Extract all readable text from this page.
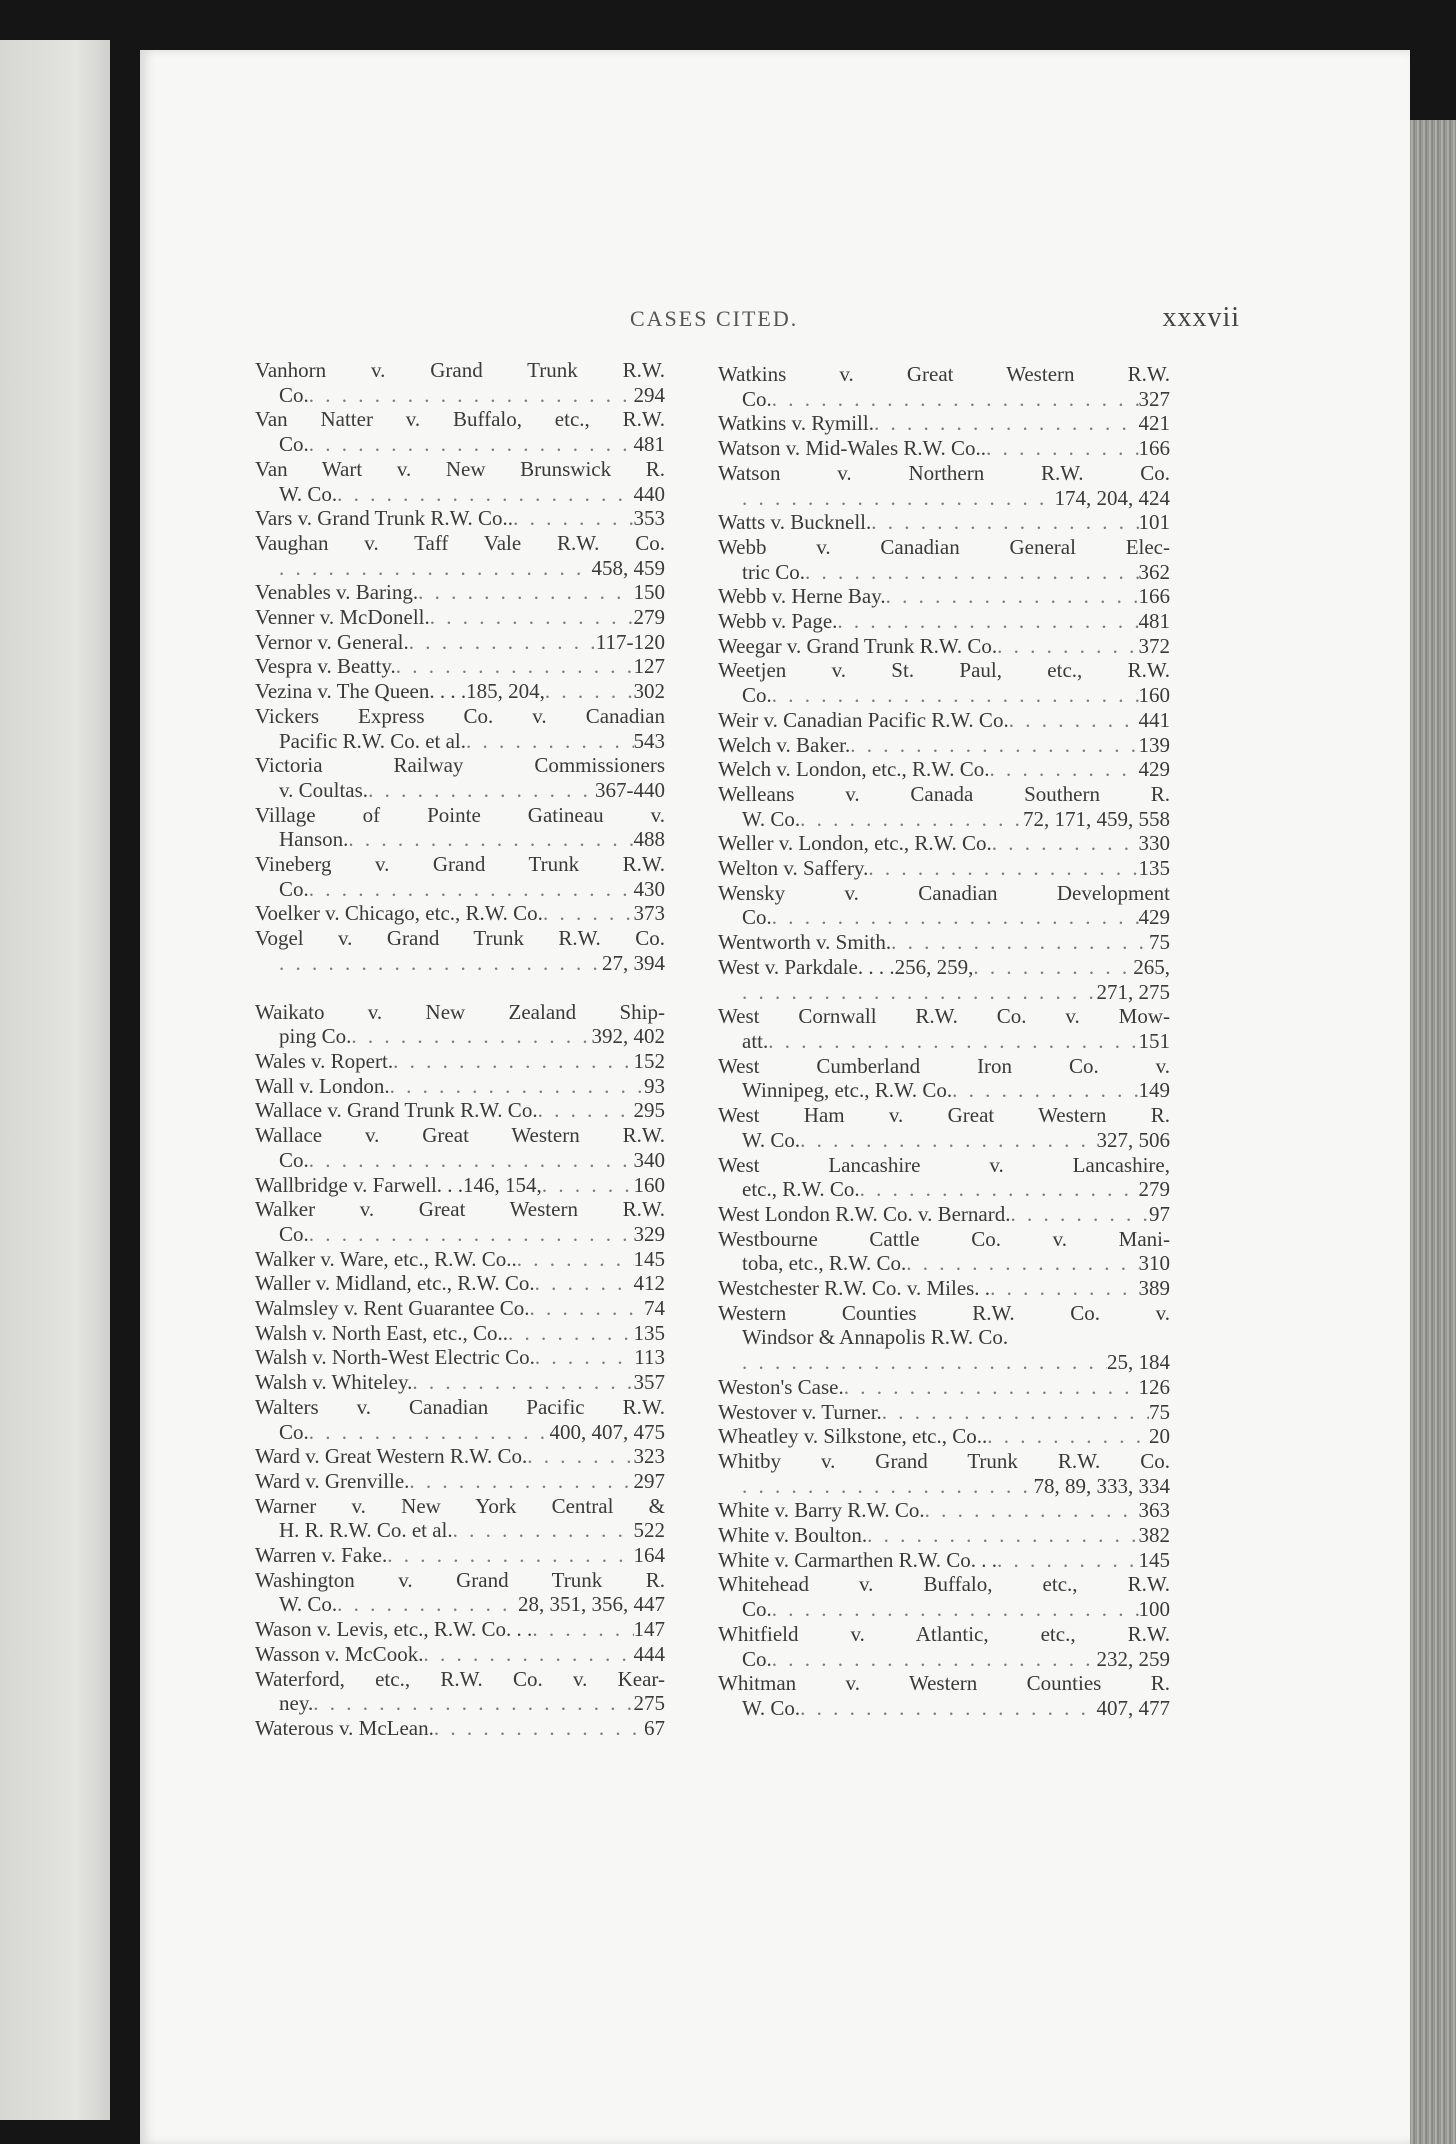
CASES CITED.	xxxvii
Vanhorn v. Grand Trunk R.W.
Co. . . .	294
Van Natter v. Buffalo, etc., R.W.
Co. . . .	481
Van Wart v. New Brunswick R.
W. Co. . . .	440
Vars v. Grand Trunk R.W. Co.. . . .	353
Vaughan v. Taff Vale R.W. Co.
. . .
458, 459
Venables v. Baring. . . .	150
Venner v. McDonell. . . .	279
Vernor v. General. . . .	117-120
Vespra v. Beatty. . . .	127
Vezina v. The Queen. . . .185, 204, . . .	302
Vickers Express Co. v. Canadian
Pacific R.W. Co. et al. . . .	543
Victoria Railway Commissioners
v. Coultas. . . .	367-440
Village of Pointe Gatineau v.
Hanson. . . .	488
Vineberg v. Grand Trunk R.W.
Co. . . .	430
Voelker v. Chicago, etc., R.W. Co. . . .	373
Vogel v. Grand Trunk R.W. Co.
. . .
27, 394
Waikato v. New Zealand Ship-
ping Co. . . .	392, 402
Wales v. Ropert. . . .	152
Wall v. London. . . .	93
Wallace v. Grand Trunk R.W. Co. . . .	295
Wallace v. Great Western R.W.
Co. . . .	340
Wallbridge v. Farwell. . .146, 154, . . .	160
Walker v. Great Western R.W.
Co. . . .	329
Walker v. Ware, etc., R.W. Co.. . . .	145
Waller v. Midland, etc., R.W. Co. . . .	412
Walmsley v. Rent Guarantee Co. . . .	74
Walsh v. North East, etc., Co.. . . .	135
Walsh v. North-West Electric Co. . . .	113
Walsh v. Whiteley. . . .	357
Walters v. Canadian Pacific R.W.
Co. . . .	400, 407, 475
Ward v. Great Western R.W. Co. . . .	323
Ward v. Grenville. . . .	297
Warner v. New York Central &
H. R. R.W. Co. et al. . . .	522
Warren v. Fake. . . .	164
Washington v. Grand Trunk R.
W. Co. . . .	28, 351, 356, 447
Wason v. Levis, etc., R.W. Co. . . . . .	147
Wasson v. McCook. . . .	444
Waterford, etc., R.W. Co. v. Kear-
ney. . . .	275
Waterous v. McLean. . . .	67
Watkins v. Great Western R.W.
Co. . . .	327
Watkins v. Rymill. . . .	421
Watson v. Mid-Wales R.W. Co.. . . .	166
Watson v. Northern R.W. Co.
. . .
174, 204, 424
Watts v. Bucknell. . . .	101
Webb v. Canadian General Elec-
tric Co. . . .	362
Webb v. Herne Bay. . . .	166
Webb v. Page. . . .	481
Weegar v. Grand Trunk R.W. Co. . . .	372
Weetjen v. St. Paul, etc., R.W.
Co. . . .	160
Weir v. Canadian Pacific R.W. Co. . . .	441
Welch v. Baker. . . .	139
Welch v. London, etc., R.W. Co. . . .	429
Welleans v. Canada Southern R.
W. Co. . . .	72, 171, 459, 558
Weller v. London, etc., R.W. Co. . . .	330
Welton v. Saffery. . . .	135
Wensky v. Canadian Development
Co. . . .	429
Wentworth v. Smith. . . .	75
West v. Parkdale. . . .256, 259, . . .	265,
. . .
271, 275
West Cornwall R.W. Co. v. Mow-
att. . . .	151
West Cumberland Iron Co. v.
Winnipeg, etc., R.W. Co. . . .	149
West Ham v. Great Western R.
W. Co. . . .	327, 506
West Lancashire v. Lancashire,
etc., R.W. Co. . . .	279
West London R.W. Co. v. Bernard. . . .	97
Westbourne Cattle Co. v. Mani-
toba, etc., R.W. Co. . . .	310
Westchester R.W. Co. v. Miles. . . . .	389
Western Counties R.W. Co. v.
Windsor & Annapolis R.W. Co.
. . .
25, 184
Weston's Case. . . .	126
Westover v. Turner. . . .	75
Wheatley v. Silkstone, etc., Co.. . . .	20
Whitby v. Grand Trunk R.W. Co.
. . .
78, 89, 333, 334
White v. Barry R.W. Co. . . .	363
White v. Boulton. . . .	382
White v. Carmarthen R.W. Co. . . . . .	145
Whitehead v. Buffalo, etc., R.W.
Co. . . .	100
Whitfield v. Atlantic, etc., R.W.
Co. . . .	232, 259
Whitman v. Western Counties R.
W. Co. . . .	407, 477
